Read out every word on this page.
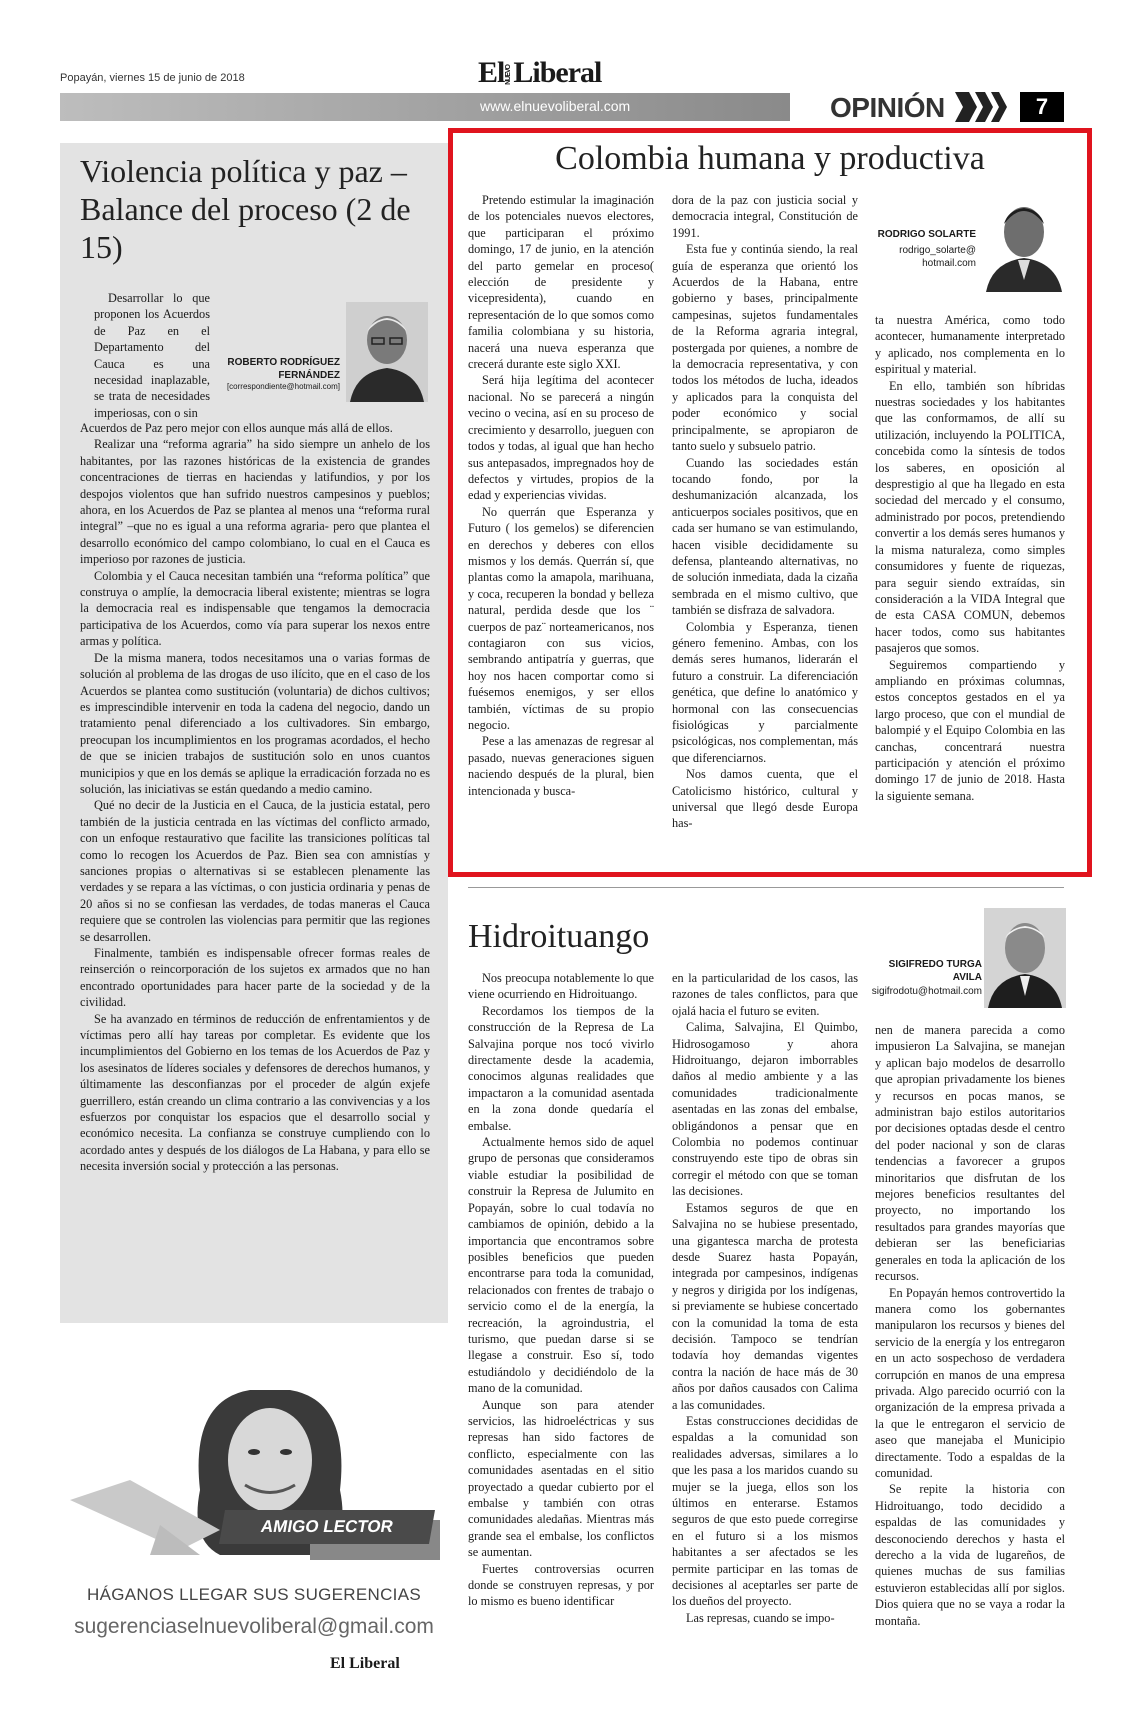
Popayán, viernes 15 de junio de 2018	ElNUEVOLiberal
www.elnuevoliberal.com	OPINIÓN	7
Violencia política y paz – Balance del proceso (2 de 15)
ROBERTO RODRÍGUEZ FERNÁNDEZ
[correspondiente@hotmail.com]

Desarrollar lo que proponen los Acuerdos de Paz en el Departamento del Cauca es una necesidad inaplazable, se trata de necesidades imperiosas, con o sin

Acuerdos de Paz pero mejor con ellos aunque más allá de ellos.

Realizar una “reforma agraria” ha sido siempre un anhelo de los habitantes, por las razones históricas de la existencia de grandes concentraciones de tierras en haciendas y latifundios, y por los despojos violentos que han sufrido nuestros campesinos y pueblos; ahora, en los Acuerdos de Paz se plantea al menos una “reforma rural integral” –que no es igual a una reforma agraria- pero que plantea el desarrollo económico del campo colombiano, lo cual en el Cauca es imperioso por razones de justicia.

Colombia y el Cauca necesitan también una “reforma política” que construya o amplíe, la democracia liberal existente; mientras se logra la democracia real es indispensable que tengamos la democracia participativa de los Acuerdos, como vía para superar los nexos entre armas y política.

De la misma manera, todos necesitamos una o varias formas de solución al problema de las drogas de uso ilícito, que en el caso de los Acuerdos se plantea como sustitución (voluntaria) de dichos cultivos; es imprescindible intervenir en toda la cadena del negocio, dando un tratamiento penal diferenciado a los cultivadores. Sin embargo, preocupan los incumplimientos en los programas acordados, el hecho de que se inicien trabajos de sustitución solo en unos cuantos municipios y que en los demás se aplique la erradicación forzada no es solución, las iniciativas se están quedando a medio camino.

Qué no decir de la Justicia en el Cauca, de la justicia estatal, pero también de la justicia centrada en las víctimas del conflicto armado, con un enfoque restaurativo que facilite las transiciones políticas tal como lo recogen los Acuerdos de Paz. Bien sea con amnistías y sanciones propias o alternativas si se establecen plenamente las verdades y se repara a las víctimas, o con justicia ordinaria y penas de 20 años si no se confiesan las verdades, de todas maneras el Cauca requiere que se controlen las violencias para permitir que las regiones se desarrollen.

Finalmente, también es indispensable ofrecer formas reales de reinserción o reincorporación de los sujetos ex armados que no han encontrado oportunidades para hacer parte de la sociedad y de la civilidad.

Se ha avanzado en términos de reducción de enfrentamientos y de víctimas pero allí hay tareas por completar. Es evidente que los incumplimientos del Gobierno en los temas de los Acuerdos de Paz y los asesinatos de líderes sociales y defensores de derechos humanos, y últimamente las desconfianzas por el proceder de algún exjefe guerrillero, están creando un clima contrario a las convivencias y a los esfuerzos por conquistar los espacios que el desarrollo social y económico necesita. La confianza se construye cumpliendo con lo acordado antes y después de los diálogos de La Habana, y para ello se necesita inversión social y protección a las personas.

AMIGO LECTOR
HÁGANOS LLEGAR SUS SUGERENCIAS
sugerenciaselnuevoliberal@gmail.com
El Liberal
Colombia humana y productiva

Pretendo estimular la imaginación de los potenciales nuevos electores, que participaran el próximo domingo, 17 de junio, en la atención del parto gemelar en proceso( elección de presidente y vicepresidenta), cuando en representación de lo que somos como familia colombiana y su historia, nacerá una nueva esperanza que crecerá durante este siglo XXI.

Será hija legítima del acontecer nacional. No se parecerá a ningún vecino o vecina, así en su proceso de crecimiento y desarrollo, jueguen con todos y todas, al igual que han hecho sus antepasados, impregnados hoy de defectos y virtudes, propios de la edad y experiencias vividas.

No querrán que Esperanza y Futuro ( los gemelos) se diferencien en derechos y deberes con ellos mismos y los demás. Querrán sí, que plantas como la amapola, marihuana, y coca, recuperen la bondad y belleza natural, perdida desde que los ¨ cuerpos de paz¨ norteamericanos, nos contagiaron con sus vicios, sembrando antipatría y guerras, que hoy nos hacen comportar como si fuésemos enemigos, y ser ellos también, víctimas de su propio negocio.

Pese a las amenazas de regresar al pasado, nuevas generaciones siguen naciendo después de la plural, bien intencionada y busca-

dora de la paz con justicia social y democracia integral, Constitución de 1991.

Esta fue y continúa siendo, la real guía de esperanza que orientó los Acuerdos de la Habana, entre gobierno y bases, principalmente campesinas, sujetos fundamentales de la Reforma agraria integral, postergada por quienes, a nombre de la democracia representativa, y con todos los métodos de lucha, ideados y aplicados para la conquista del poder económico y social principalmente, se apropiaron de tanto suelo y subsuelo patrio.

Cuando las sociedades están tocando fondo, por la deshumanización alcanzada, los anticuerpos sociales positivos, que en cada ser humano se van estimulando, hacen visible decididamente su defensa, planteando alternativas, no de solución inmediata, dada la cizaña sembrada en el mismo cultivo, que también se disfraza de salvadora.

Colombia y Esperanza, tienen género femenino. Ambas, con los demás seres humanos, liderarán el futuro a construir. La diferenciación genética, que define lo anatómico y hormonal con las consecuencias fisiológicas y parcialmente psicológicas, nos complementan, más que diferenciarnos.

Nos damos cuenta, que el Catolicismo histórico, cultural y universal que llegó desde Europa has-

RODRIGO SOLARTE
rodrigo_solarte@
hotmail.com

ta nuestra América, como todo acontecer, humanamente interpretado y aplicado, nos complementa en lo espiritual y material.

En ello, también son híbridas nuestras sociedades y los habitantes que las conformamos, de allí su utilización, incluyendo la POLITICA, concebida como la síntesis de todos los saberes, en oposición al desprestigio al que ha llegado en esta sociedad del mercado y el consumo, administrado por pocos, pretendiendo convertir a los demás seres humanos y la misma naturaleza, como simples consumidores y fuente de riquezas, para seguir siendo extraídas, sin consideración a la VIDA Integral que de esta CASA COMUN, debemos hacer todos, como sus habitantes pasajeros que somos.

Seguiremos compartiendo y ampliando en próximas columnas, estos conceptos gestados en el ya largo proceso, que con el mundial de balompié y el Equipo Colombia en las canchas, concentrará nuestra participación y atención el próximo domingo 17 de junio de 2018. Hasta la siguiente semana.

Hidroituango
SIGIFREDO TURGA AVILA
sigifrodotu@hotmail.com

Nos preocupa notablemente lo que viene ocurriendo en Hidroituango.

Recordamos los tiempos de la construcción de la Represa de La Salvajina porque nos tocó vivirlo directamente desde la academia, conocimos algunas realidades que impactaron a la comunidad asentada en la zona donde quedaría el embalse.

Actualmente hemos sido de aquel grupo de personas que consideramos viable estudiar la posibilidad de construir la Represa de Julumito en Popayán, sobre lo cual todavía no cambiamos de opinión, debido a la importancia que encontramos sobre posibles beneficios que pueden encontrarse para toda la comunidad, relacionados con frentes de trabajo o servicio como el de la energía, la recreación, la agroindustria, el turismo, que puedan darse si se llegase a construir. Eso sí, todo estudiándolo y decidiéndolo de la mano de la comunidad.

Aunque son para atender servicios, las hidroeléctricas y sus represas han sido factores de conflicto, especialmente con las comunidades asentadas en el sitio proyectado a quedar cubierto por el embalse y también con otras comunidades aledañas. Mientras más grande sea el embalse, los conflictos se aumentan.

Fuertes controversias ocurren donde se construyen represas, y por lo mismo es bueno identificar

en la particularidad de los casos, las razones de tales conflictos, para que ojalá hacia el futuro se eviten.

Calima, Salvajina, El Quimbo, Hidrosogamoso y ahora Hidroituango, dejaron imborrables daños al medio ambiente y a las comunidades tradicionalmente asentadas en las zonas del embalse, obligándonos a pensar que en Colombia no podemos continuar construyendo este tipo de obras sin corregir el método con que se toman las decisiones.

Estamos seguros de que en Salvajina no se hubiese presentado, una gigantesca marcha de protesta desde Suarez hasta Popayán, integrada por campesinos, indígenas y negros y dirigida por los indígenas, si previamente se hubiese concertado con la comunidad la toma de esta decisión. Tampoco se tendrían todavía hoy demandas vigentes contra la nación de hace más de 30 años por daños causados con Calima a las comunidades.

Estas construcciones decididas de espaldas a la comunidad son realidades adversas, similares a lo que les pasa a los maridos cuando su mujer se la juega, ellos son los últimos en enterarse. Estamos seguros de que esto puede corregirse en el futuro si a los mismos habitantes a ser afectados se les permite participar en las tomas de decisiones al aceptarles ser parte de los dueños del proyecto.

Las represas, cuando se impo-

nen de manera parecida a como impusieron La Salvajina, se manejan y aplican bajo modelos de desarrollo que apropian privadamente los bienes y recursos en pocas manos, se administran bajo estilos autoritarios por decisiones optadas desde el centro del poder nacional y son de claras tendencias a favorecer a grupos minoritarios que disfrutan de los mejores beneficios resultantes del proyecto, no importando los resultados para grandes mayorías que debieran ser las beneficiarias generales en toda la aplicación de los recursos.

En Popayán hemos controvertido la manera como los gobernantes manipularon los recursos y bienes del servicio de la energía y los entregaron en un acto sospechoso de verdadera corrupción en manos de una empresa privada. Algo parecido ocurrió con la organización de la empresa privada a la que le entregaron el servicio de aseo que manejaba el Municipio directamente. Todo a espaldas de la comunidad.

Se repite la historia con Hidroituango, todo decidido a espaldas de las comunidades y desconociendo derechos y hasta el derecho a la vida de lugareños, de quienes muchas de sus familias estuvieron establecidas allí por siglos. Dios quiera que no se vaya a rodar la montaña.
